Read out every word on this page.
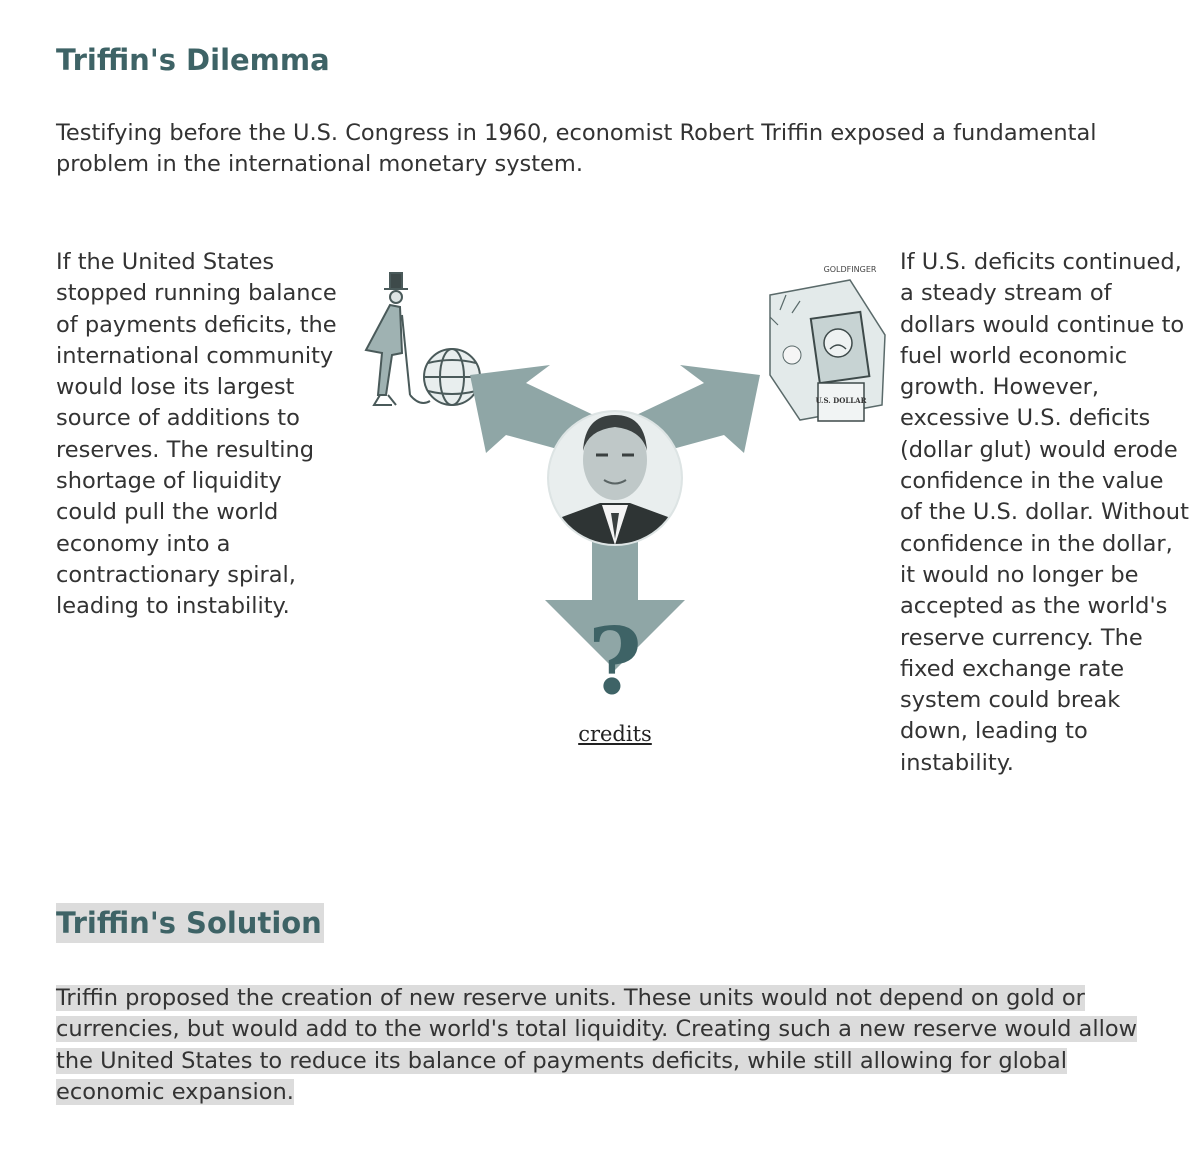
Triffin's Dilemma

Testifying before the U.S. Congress in 1960, economist Robert Triffin exposed a fundamental problem in the international monetary system.

If the United States stopped running balance of payments deficits, the international community would lose its largest source of additions to reserves. The resulting shortage of liquidity could pull the world economy into a contractionary spiral, leading to instability.

If U.S. deficits continued, a steady stream of dollars would continue to fuel world economic growth. However, excessive U.S. deficits (dollar glut) would erode confidence in the value of the U.S. dollar. Without confidence in the dollar, it would no longer be accepted as the world's reserve currency. The fixed exchange rate system could break down, leading to instability.

GOLDFINGER
U.S. DOLLAR
?
credits
Triffin's Solution

Triffin proposed the creation of new reserve units. These units would not depend on gold or currencies, but would add to the world's total liquidity. Creating such a new reserve would allow the United States to reduce its balance of payments deficits, while still allowing for global economic expansion.
